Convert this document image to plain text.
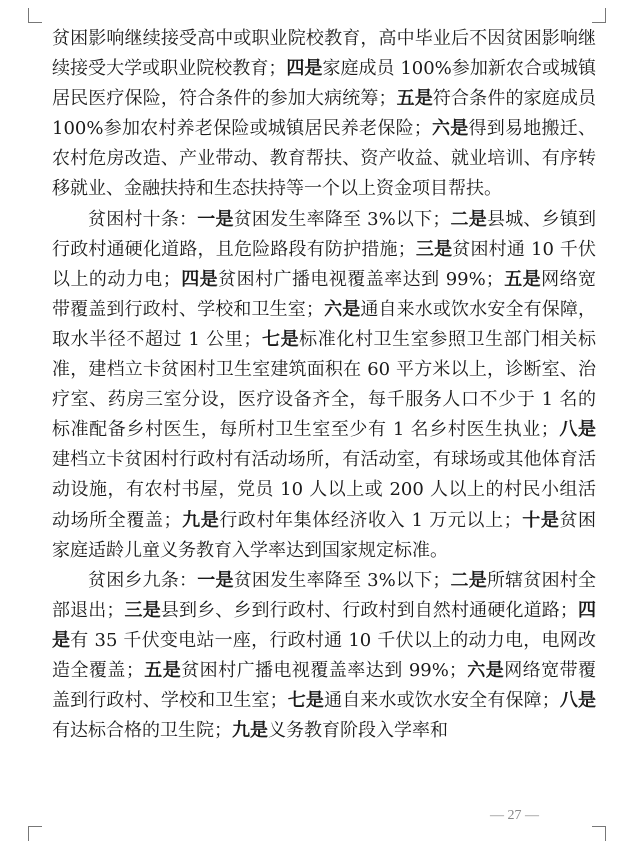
贫困影响继续接受高中或职业院校教育，高中毕业后不因贫困影响继续接受大学或职业院校教育；四是家庭成员 100%参加新农合或城镇居民医疗保险，符合条件的参加大病统筹；五是符合条件的家庭成员 100%参加农村养老保险或城镇居民养老保险；六是得到易地搬迁、农村危房改造、产业带动、教育帮扶、资产收益、就业培训、有序转移就业、金融扶持和生态扶持等一个以上资金项目帮扶。

贫困村十条：一是贫困发生率降至 3%以下；二是县城、乡镇到行政村通硬化道路，且危险路段有防护措施；三是贫困村通 10 千伏以上的动力电；四是贫困村广播电视覆盖率达到 99%；五是网络宽带覆盖到行政村、学校和卫生室；六是通自来水或饮水安全有保障，取水半径不超过 1 公里；七是标准化村卫生室参照卫生部门相关标准，建档立卡贫困村卫生室建筑面积在 60 平方米以上，诊断室、治疗室、药房三室分设，医疗设备齐全，每千服务人口不少于 1 名的标准配备乡村医生，每所村卫生室至少有 1 名乡村医生执业；八是建档立卡贫困村行政村有活动场所，有活动室，有球场或其他体育活动设施，有农村书屋，党员 10 人以上或 200 人以上的村民小组活动场所全覆盖；九是行政村年集体经济收入 1 万元以上；十是贫困家庭适龄儿童义务教育入学率达到国家规定标准。

贫困乡九条：一是贫困发生率降至 3%以下；二是所辖贫困村全部退出；三是县到乡、乡到行政村、行政村到自然村通硬化道路；四是有 35 千伏变电站一座，行政村通 10 千伏以上的动力电，电网改造全覆盖；五是贫困村广播电视覆盖率达到 99%；六是网络宽带覆盖到行政村、学校和卫生室；七是通自来水或饮水安全有保障；八是有达标合格的卫生院；九是义务教育阶段入学率和

— 27 —
